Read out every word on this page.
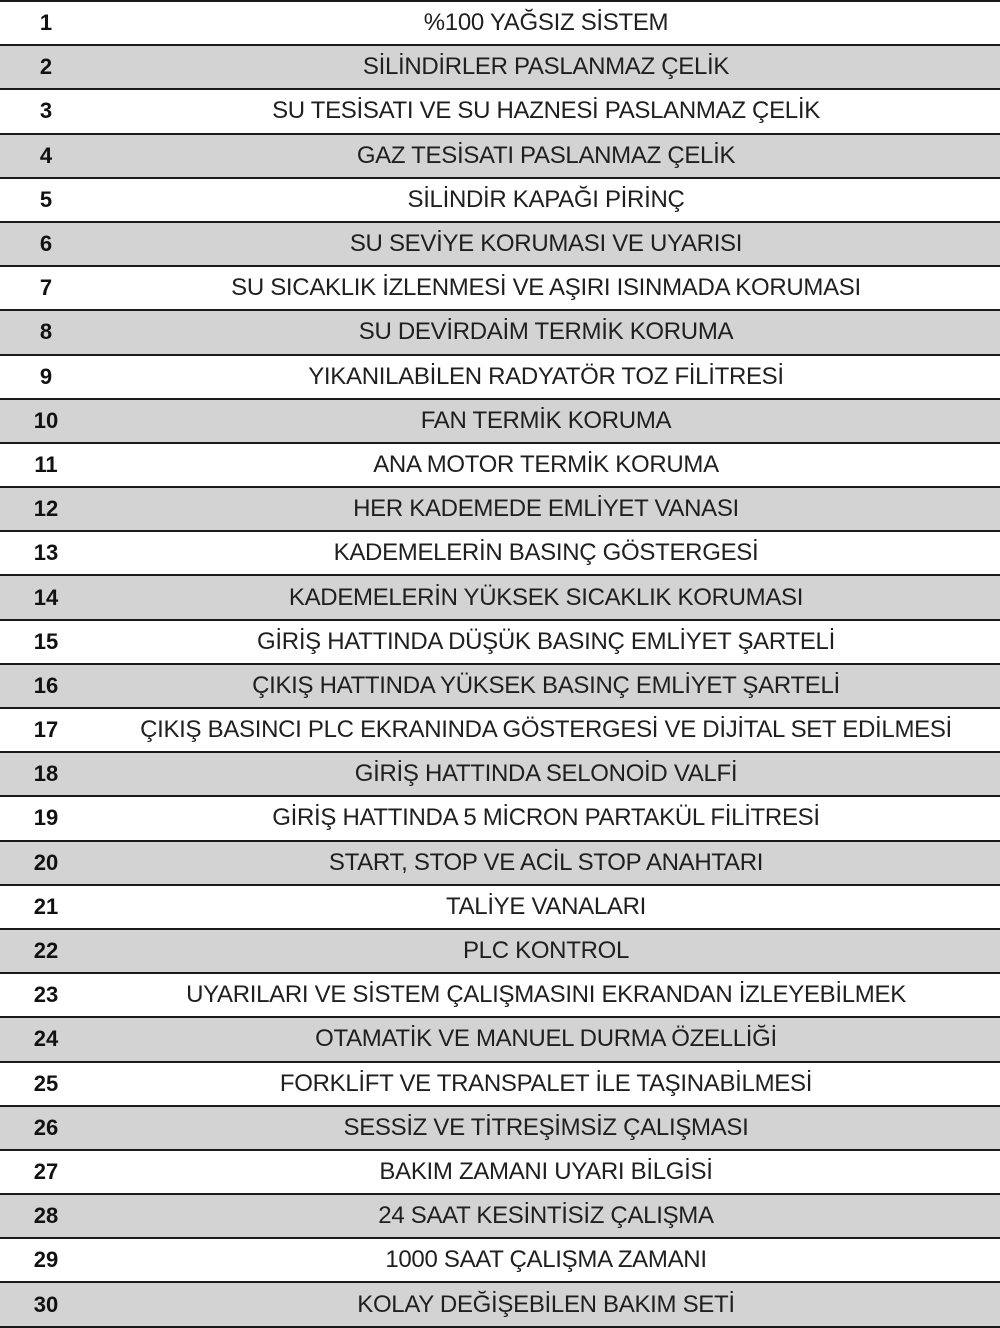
1	%100 YAĞSIZ SİSTEM
2	SİLİNDİRLER PASLANMAZ ÇELİK
3	SU TESİSATI VE SU HAZNESİ PASLANMAZ ÇELİK
4	GAZ TESİSATI PASLANMAZ ÇELİK
5	SİLİNDİR KAPAĞI PİRİNÇ
6	SU SEVİYE KORUMASI VE UYARISI
7	SU SICAKLIK İZLENMESİ VE AŞIRI ISINMADA KORUMASI
8	SU DEVİRDAİM TERMİK KORUMA
9	YIKANILABİLEN RADYATÖR TOZ FİLİTRESİ
10	FAN TERMİK KORUMA
11	ANA MOTOR TERMİK KORUMA
12	HER KADEMEDE EMLİYET VANASI
13	KADEMELERİN BASINÇ GÖSTERGESİ
14	KADEMELERİN YÜKSEK SICAKLIK KORUMASI
15	GİRİŞ HATTINDA DÜŞÜK BASINÇ EMLİYET ŞARTELİ
16	ÇIKIŞ HATTINDA YÜKSEK BASINÇ EMLİYET ŞARTELİ
17	ÇIKIŞ BASINCI PLC EKRANINDA GÖSTERGESİ VE DİJİTAL SET EDİLMESİ
18	GİRİŞ HATTINDA SELONOİD VALFİ
19	GİRİŞ HATTINDA 5 MİCRON PARTAKÜL FİLİTRESİ
20	START, STOP VE ACİL STOP ANAHTARI
21	TALİYE VANALARI
22	PLC KONTROL
23	UYARILARI VE SİSTEM ÇALIŞMASINI EKRANDAN İZLEYEBİLMEK
24	OTAMATİK VE MANUEL DURMA ÖZELLİĞİ
25	FORKLİFT VE TRANSPALET İLE TAŞINABİLMESİ
26	SESSİZ VE TİTREŞİMSİZ ÇALIŞMASI
27	BAKIM ZAMANI UYARI BİLGİSİ
28	24 SAAT KESİNTİSİZ ÇALIŞMA
29	1000 SAAT ÇALIŞMA ZAMANI
30	KOLAY DEĞİŞEBİLEN BAKIM SETİ
